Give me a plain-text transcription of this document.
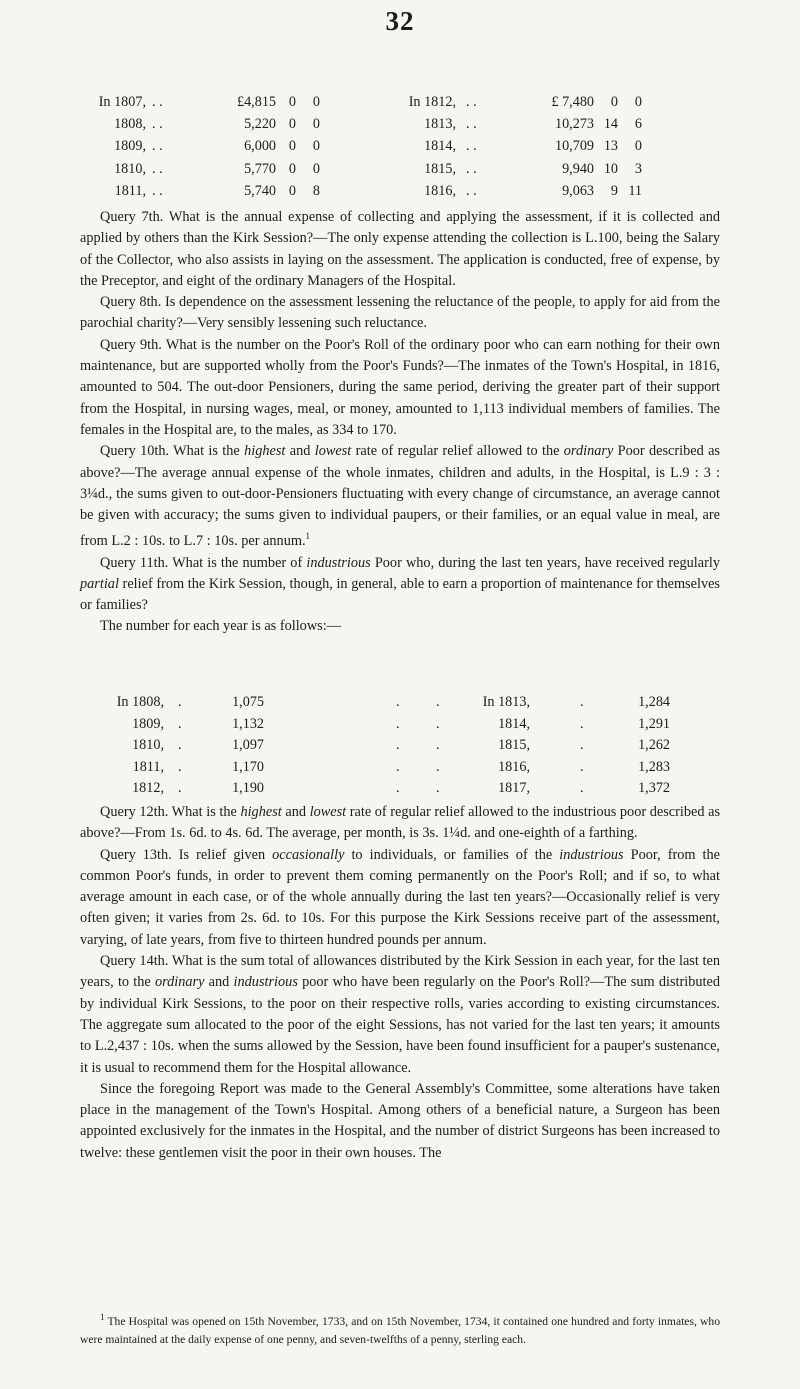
32
In 1807, . .	£4,815 0	0	In 1812, . .	£ 7,480	0	0
1808, . .	5,220 0	0	1813, . .	10,273 14	6
1809, . .	6,000 0	0	1814, . .	10,709 13	0
1810, . .	5,770 0	0	1815, . .	9,940 10	3
1811, . .	5,740 0	8	1816, . .	9,063	9 11

Query 7th. What is the annual expense of collecting and applying the assessment, if it is collected and applied by others than the Kirk Session?—The only expense attending the collection is L.100, being the Salary of the Collector, who also assists in laying on the assessment. The application is conducted, free of expense, by the Preceptor, and eight of the ordinary Managers of the Hospital.

Query 8th. Is dependence on the assessment lessening the reluctance of the people, to apply for aid from the parochial charity?—Very sensibly lessening such reluctance.

Query 9th. What is the number on the Poor's Roll of the ordinary poor who can earn nothing for their own maintenance, but are supported wholly from the Poor's Funds?—The inmates of the Town's Hospital, in 1816, amounted to 504. The out-door Pensioners, during the same period, deriving the greater part of their support from the Hospital, in nursing wages, meal, or money, amounted to 1,113 individual members of families. The females in the Hospital are, to the males, as 334 to 170.

Query 10th. What is the highest and lowest rate of regular relief allowed to the ordinary Poor described as above?—The average annual expense of the whole inmates, children and adults, in the Hospital, is L.9 : 3 : 3¼d., the sums given to out-door-Pensioners fluctuating with every change of circumstance, an average cannot be given with accuracy; the sums given to individual paupers, or their families, or an equal value in meal, are from L.2 : 10s. to L.7 : 10s. per annum.$^1$

Query 11th. What is the number of industrious Poor who, during the last ten years, have received regularly partial relief from the Kirk Session, though, in general, able to earn a proportion of maintenance for themselves or families?

The number for each year is as follows:—

In 1808, .	1,075	.	.	In 1813,	.	1,284
1809, .	1,132	.	.	1814,	.	1,291
1810, .	1,097	.	.	1815,	.	1,262
1811, .	1,170	.	.	1816,	.	1,283
1812, .	1,190	.	.	1817,	.	1,372

Query 12th. What is the highest and lowest rate of regular relief allowed to the industrious poor described as above?—From 1s. 6d. to 4s. 6d. The average, per month, is 3s. 1¼d. and one-eighth of a farthing.

Query 13th. Is relief given occasionally to individuals, or families of the industrious Poor, from the common Poor's funds, in order to prevent them coming permanently on the Poor's Roll; and if so, to what average amount in each case, or of the whole annually during the last ten years?—Occasionally relief is very often given; it varies from 2s. 6d. to 10s. For this purpose the Kirk Sessions receive part of the assessment, varying, of late years, from five to thirteen hundred pounds per annum.

Query 14th. What is the sum total of allowances distributed by the Kirk Session in each year, for the last ten years, to the ordinary and industrious poor who have been regularly on the Poor's Roll?—The sum distributed by individual Kirk Sessions, to the poor on their respective rolls, varies according to existing circumstances. The aggregate sum allocated to the poor of the eight Sessions, has not varied for the last ten years; it amounts to L.2,437 : 10s. when the sums allowed by the Session, have been found insufficient for a pauper's sustenance, it is usual to recommend them for the Hospital allowance.

Since the foregoing Report was made to the General Assembly's Committee, some alterations have taken place in the management of the Town's Hospital. Among others of a beneficial nature, a Surgeon has been appointed exclusively for the inmates in the Hospital, and the number of district Surgeons has been increased to twelve: these gentlemen visit the poor in their own houses. The

$^1$ The Hospital was opened on 15th November, 1733, and on 15th November, 1734, it contained one hundred and forty inmates, who were maintained at the daily expense of one penny, and seven-twelfths of a penny, sterling each.
